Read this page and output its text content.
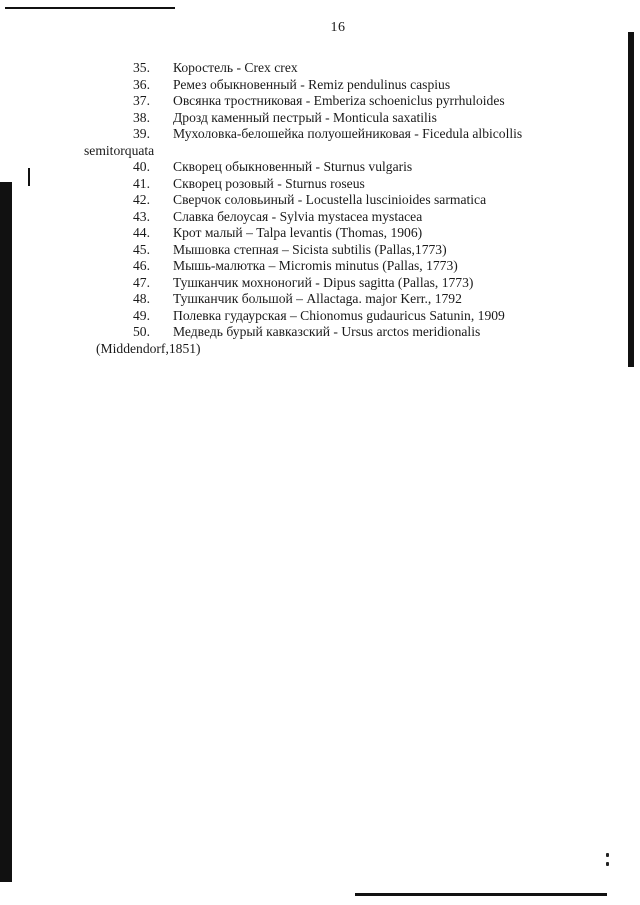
16
35.	Коростель - Crex crex
36.	Ремез обыкновенный - Remiz pendulinus caspius
37.	Овсянка тростниковая - Emberiza schoeniclus pyrrhuloides
38.	Дрозд каменный пестрый - Monticula saxatilis
39.	Мухоловка-белошейка полуошейниковая - Ficedula albicollis
semitorquata
40.	Скворец обыкновенный - Sturnus vulgaris
41.	Скворец розовый - Sturnus roseus
42.	Сверчок соловьиный - Locustella luscinioides sarmatica
43.	Славка белоусая - Sylvia mystacea mystacea
44.	Крот малый – Talpa levantis (Thomas, 1906)
45.	Мышовка степная – Sicista subtilis (Pallas,1773)
46.	Мышь-малютка – Micromis minutus (Pallas, 1773)
47.	Тушканчик мохноногий - Dipus sagitta (Pallas, 1773)
48.	Тушканчик большой – Allactaga. major Kerr., 1792
49.	Полевка гудаурская – Chionomus gudauricus Satunin, 1909
50.	Медведь бурый кавказский - Ursus arctos meridionalis
(Middendorf,1851)
